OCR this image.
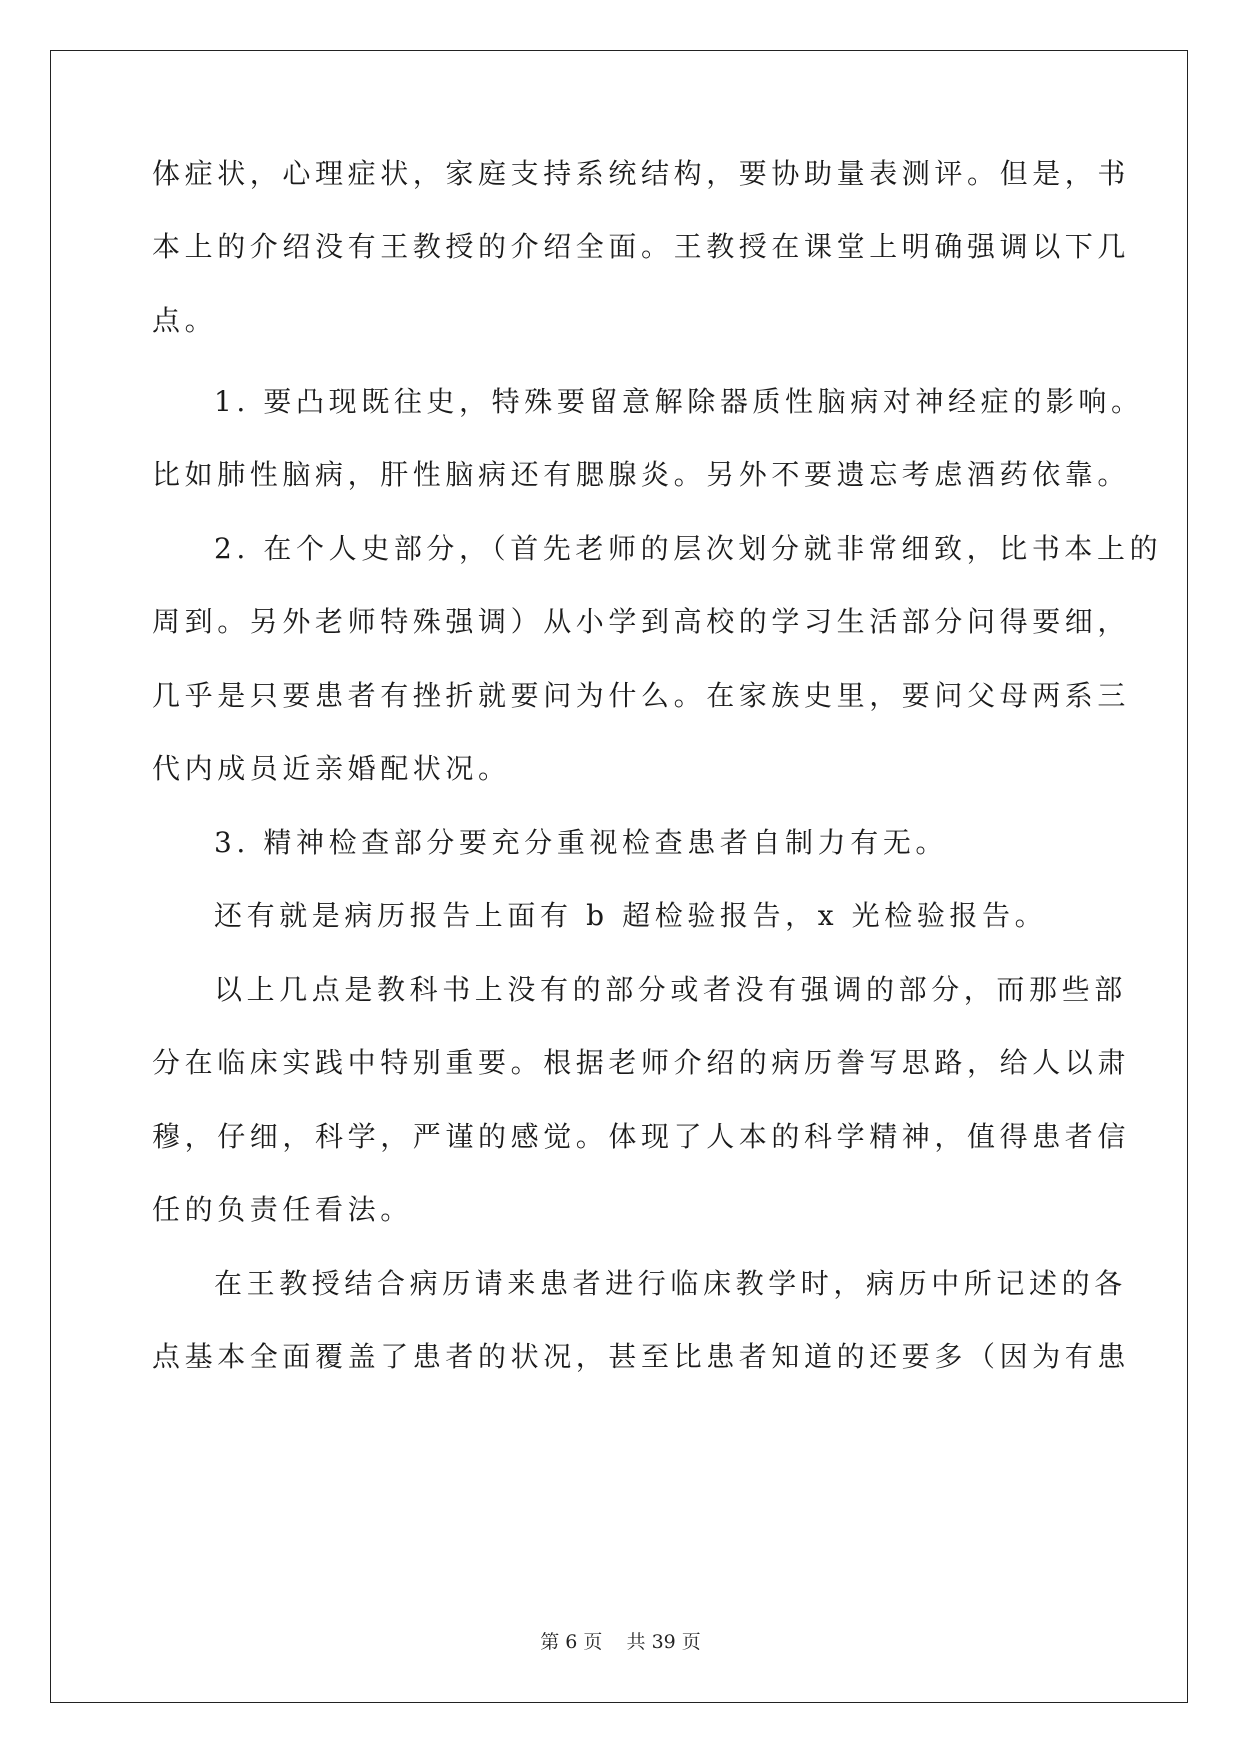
体症状，心理症状，家庭支持系统结构，要协助量表测评。但是，书
本上的介绍没有王教授的介绍全面。王教授在课堂上明确强调以下几
点。
1. 要凸现既往史，特殊要留意解除器质性脑病对神经症的影响。
比如肺性脑病，肝性脑病还有腮腺炎。另外不要遗忘考虑酒药依靠。
2. 在个人史部分，（首先老师的层次划分就非常细致，比书本上的
周到。另外老师特殊强调）从小学到高校的学习生活部分问得要细，
几乎是只要患者有挫折就要问为什么。在家族史里，要问父母两系三
代内成员近亲婚配状况。
3. 精神检查部分要充分重视检查患者自制力有无。
还有就是病历报告上面有 b 超检验报告，x 光检验报告。
以上几点是教科书上没有的部分或者没有强调的部分，而那些部
分在临床实践中特别重要。根据老师介绍的病历誊写思路，给人以肃
穆，仔细，科学，严谨的感觉。体现了人本的科学精神，值得患者信
任的负责任看法。
在王教授结合病历请来患者进行临床教学时，病历中所记述的各
点基本全面覆盖了患者的状况，甚至比患者知道的还要多（因为有患
第 6 页    共 39 页
